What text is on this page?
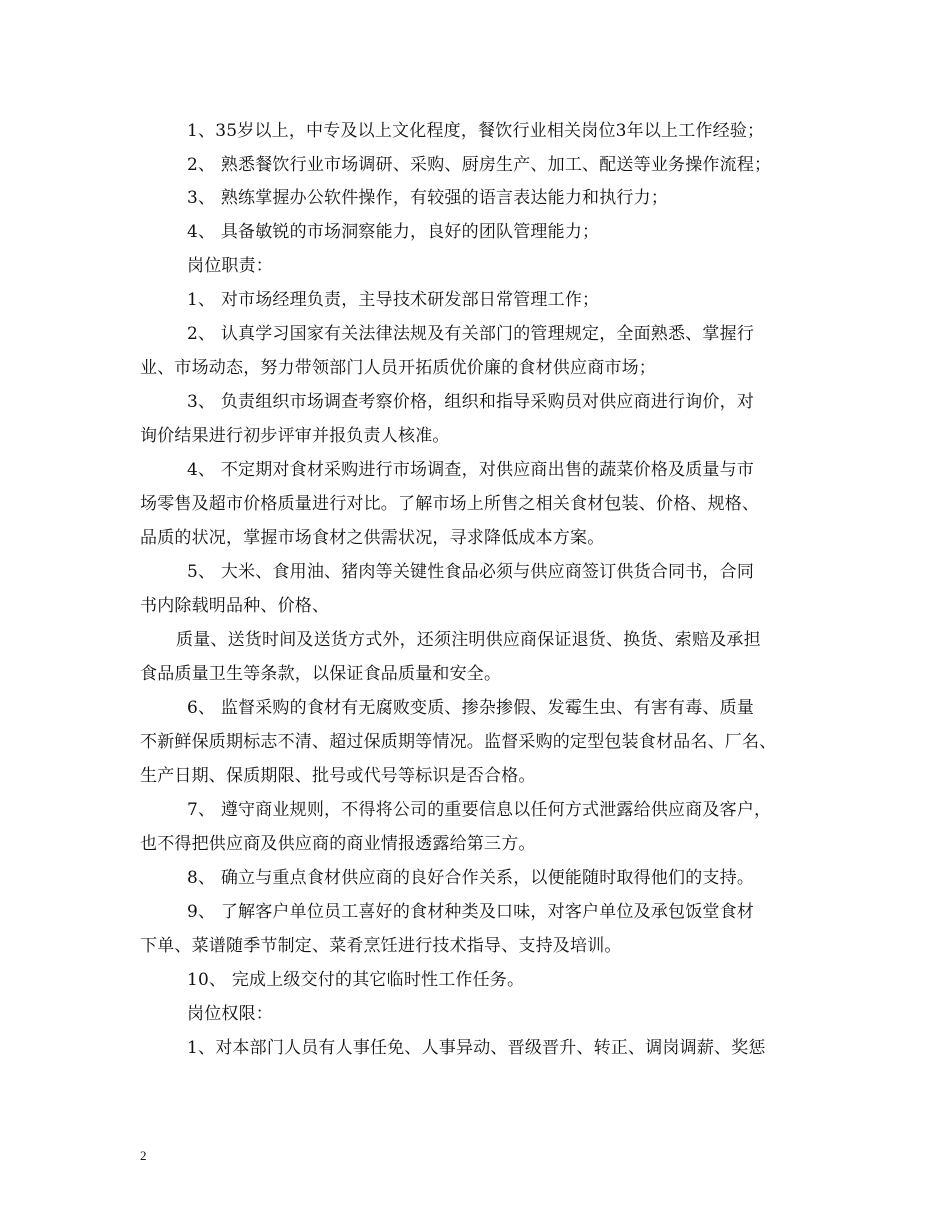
1、35岁以上，中专及以上文化程度，餐饮行业相关岗位3年以上工作经验；
2、 熟悉餐饮行业市场调研、采购、厨房生产、加工、配送等业务操作流程；
3、 熟练掌握办公软件操作，有较强的语言表达能力和执行力；
4、 具备敏锐的市场洞察能力，良好的团队管理能力；
岗位职责：
1、 对市场经理负责，主导技术研发部日常管理工作；
2、 认真学习国家有关法律法规及有关部门的管理规定，全面熟悉、掌握行
业、市场动态，努力带领部门人员开拓质优价廉的食材供应商市场；
3、 负责组织市场调查考察价格，组织和指导采购员对供应商进行询价，对
询价结果进行初步评审并报负责人核准。
4、 不定期对食材采购进行市场调查，对供应商出售的蔬菜价格及质量与市
场零售及超市价格质量进行对比。了解市场上所售之相关食材包装、价格、规格、
品质的状况，掌握市场食材之供需状况，寻求降低成本方案。
5、 大米、食用油、猪肉等关键性食品必须与供应商签订供货合同书，合同
书内除载明品种、价格、
质量、送货时间及送货方式外，还须注明供应商保证退货、换货、索赔及承担
食品质量卫生等条款，以保证食品质量和安全。
6、 监督采购的食材有无腐败变质、掺杂掺假、发霉生虫、有害有毒、质量
不新鲜保质期标志不清、超过保质期等情况。监督采购的定型包装食材品名、厂名、
生产日期、保质期限、批号或代号等标识是否合格。
7、 遵守商业规则，不得将公司的重要信息以任何方式泄露给供应商及客户，
也不得把供应商及供应商的商业情报透露给第三方。
8、 确立与重点食材供应商的良好合作关系，以便能随时取得他们的支持。
9、 了解客户单位员工喜好的食材种类及口味，对客户单位及承包饭堂食材
下单、菜谱随季节制定、菜肴烹饪进行技术指导、支持及培训。
10、 完成上级交付的其它临时性工作任务。
岗位权限：
1、对本部门人员有人事任免、人事异动、晋级晋升、转正、调岗调薪、奖惩
2
